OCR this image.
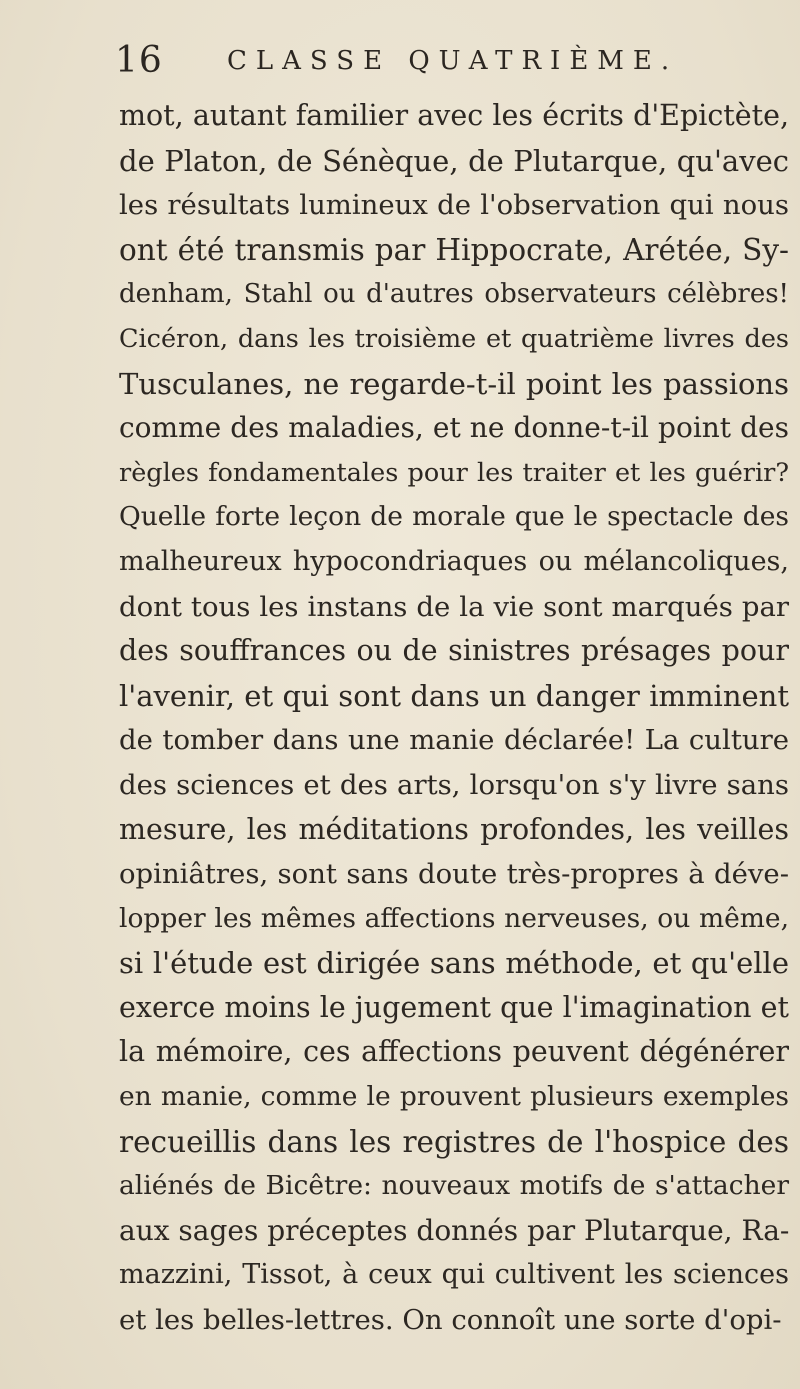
16 CLASSE QUATRIÈME.
mot, autant familier avec les écrits d'Epictète,
de Platon, de Sénèque, de Plutarque, qu'avec
les résultats lumineux de l'observation qui nous
ont été transmis par Hippocrate, Arétée, Sy-
denham, Stahl ou d'autres observateurs célèbres!
Cicéron, dans les troisième et quatrième livres des
Tusculanes, ne regarde-t-il point les passions
comme des maladies, et ne donne-t-il point des
règles fondamentales pour les traiter et les guérir?
Quelle forte leçon de morale que le spectacle des
malheureux hypocondriaques ou mélancoliques,
dont tous les instans de la vie sont marqués par
des souffrances ou de sinistres présages pour
l'avenir, et qui sont dans un danger imminent
de tomber dans une manie déclarée! La culture
des sciences et des arts, lorsqu'on s'y livre sans
mesure, les méditations profondes, les veilles
opiniâtres, sont sans doute très-propres à déve-
lopper les mêmes affections nerveuses, ou même,
si l'étude est dirigée sans méthode, et qu'elle
exerce moins le jugement que l'imagination et
la mémoire, ces affections peuvent dégénérer
en manie, comme le prouvent plusieurs exemples
recueillis dans les registres de l'hospice des
aliénés de Bicêtre: nouveaux motifs de s'attacher
aux sages préceptes donnés par Plutarque, Ra-
mazzini, Tissot, à ceux qui cultivent les sciences
et les belles-lettres. On connoît une sorte d'opi-
